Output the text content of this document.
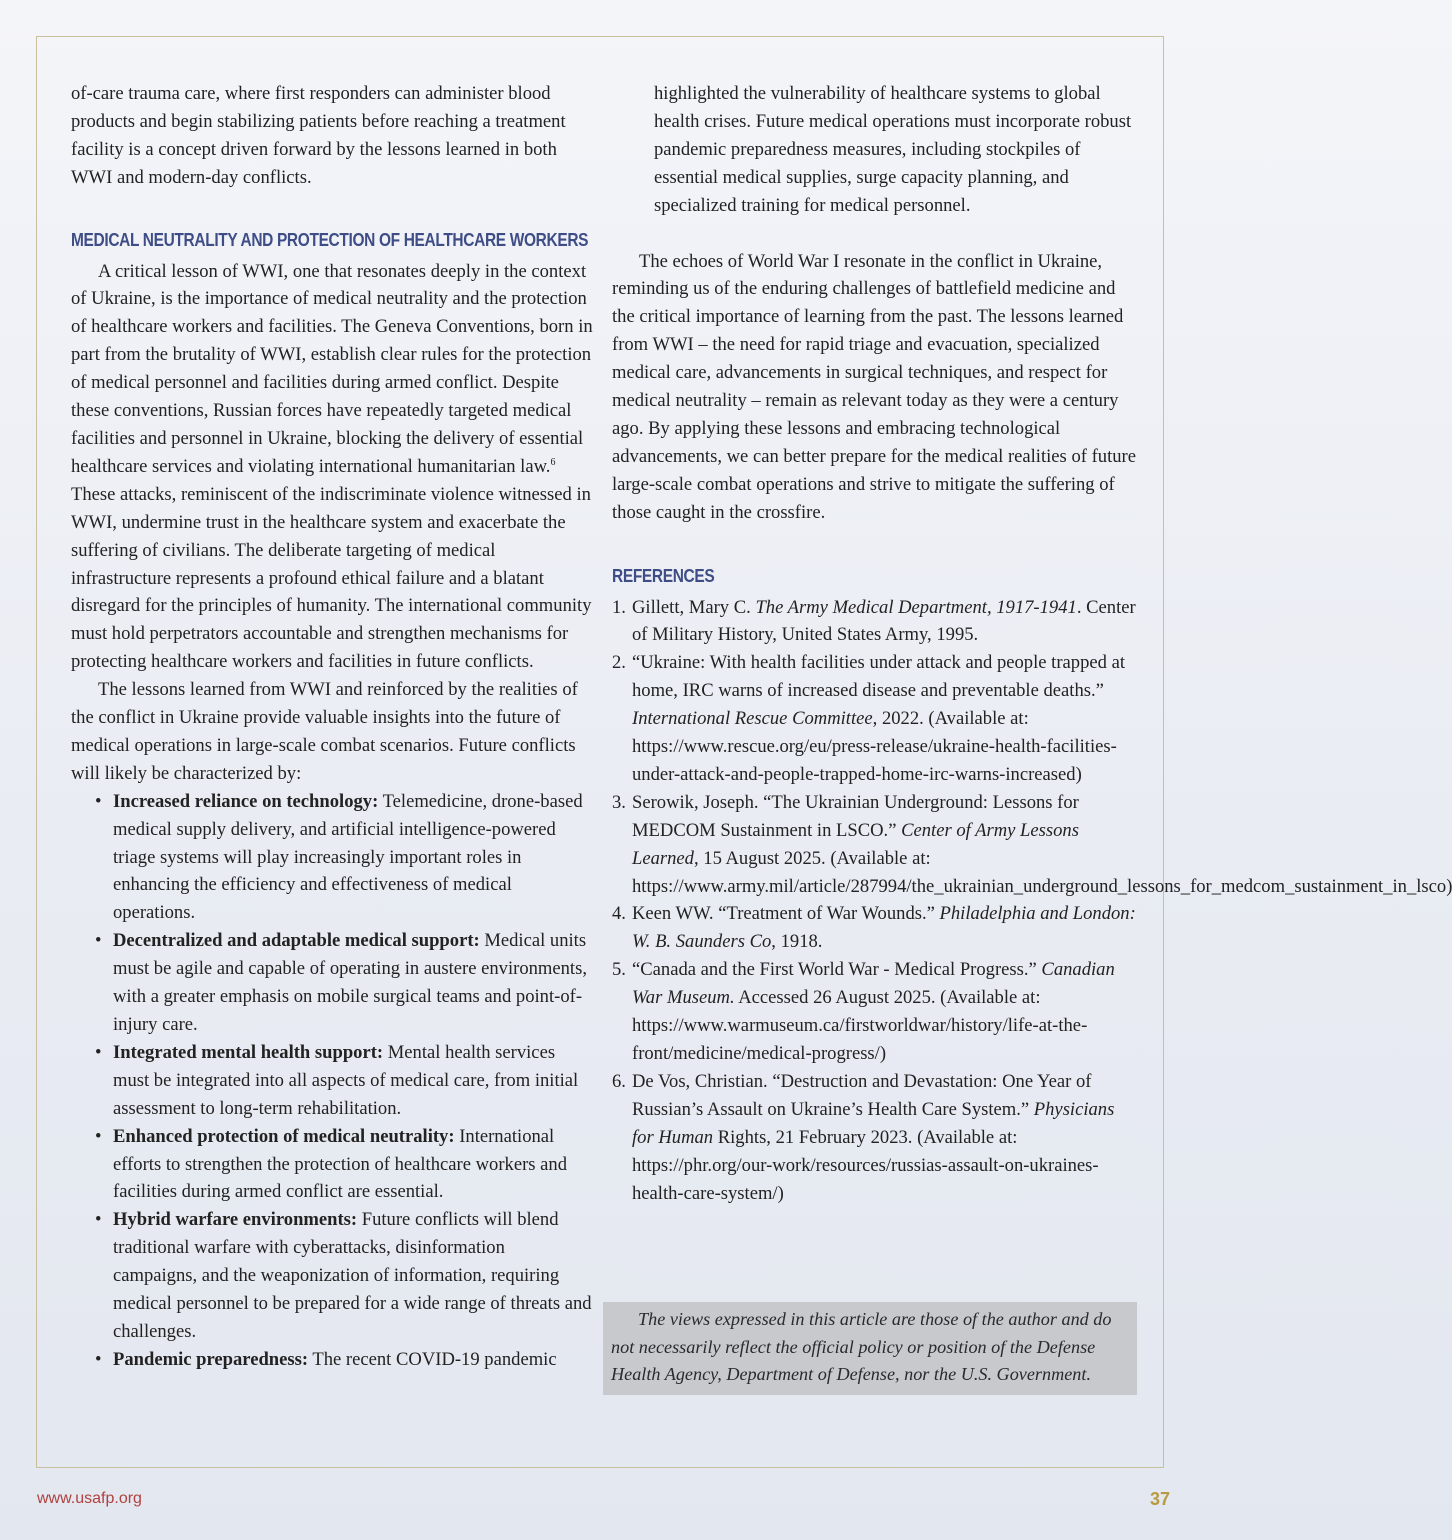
of-care trauma care, where first responders can administer blood products and begin stabilizing patients before reaching a treatment facility is a concept driven forward by the lessons learned in both WWI and modern-day conflicts.

MEDICAL NEUTRALITY AND PROTECTION OF HEALTHCARE WORKERS

A critical lesson of WWI, one that resonates deeply in the context of Ukraine, is the importance of medical neutrality and the protection of healthcare workers and facilities. The Geneva Conventions, born in part from the brutality of WWI, establish clear rules for the protection of medical personnel and facilities during armed conflict. Despite these conventions, Russian forces have repeatedly targeted medical facilities and personnel in Ukraine, blocking the delivery of essential healthcare services and violating international humanitarian law.$^6$ These attacks, reminiscent of the indiscriminate violence witnessed in WWI, undermine trust in the healthcare system and exacerbate the suffering of civilians. The deliberate targeting of medical infrastructure represents a profound ethical failure and a blatant disregard for the principles of humanity. The international community must hold perpetrators accountable and strengthen mechanisms for protecting healthcare workers and facilities in future conflicts.

The lessons learned from WWI and reinforced by the realities of the conflict in Ukraine provide valuable insights into the future of medical operations in large-scale combat scenarios. Future conflicts will likely be characterized by:

• Increased reliance on technology: Telemedicine, drone-based medical supply delivery, and artificial intelligence-powered triage systems will play increasingly important roles in enhancing the efficiency and effectiveness of medical operations.
• Decentralized and adaptable medical support: Medical units must be agile and capable of operating in austere environments, with a greater emphasis on mobile surgical teams and point-of-injury care.
• Integrated mental health support: Mental health services must be integrated into all aspects of medical care, from initial assessment to long-term rehabilitation.
• Enhanced protection of medical neutrality: International efforts to strengthen the protection of healthcare workers and facilities during armed conflict are essential.
• Hybrid warfare environments: Future conflicts will blend traditional warfare with cyberattacks, disinformation campaigns, and the weaponization of information, requiring medical personnel to be prepared for a wide range of threats and challenges.
• Pandemic preparedness: The recent COVID-19 pandemic

highlighted the vulnerability of healthcare systems to global health crises. Future medical operations must incorporate robust pandemic preparedness measures, including stockpiles of essential medical supplies, surge capacity planning, and specialized training for medical personnel.

The echoes of World War I resonate in the conflict in Ukraine, reminding us of the enduring challenges of battlefield medicine and the critical importance of learning from the past. The lessons learned from WWI – the need for rapid triage and evacuation, specialized medical care, advancements in surgical techniques, and respect for medical neutrality – remain as relevant today as they were a century ago. By applying these lessons and embracing technological advancements, we can better prepare for the medical realities of future large-scale combat operations and strive to mitigate the suffering of those caught in the crossfire.

REFERENCES
1. Gillett, Mary C. The Army Medical Department, 1917-1941. Center of Military History, United States Army, 1995.
2. “Ukraine: With health facilities under attack and people trapped at home, IRC warns of increased disease and preventable deaths.” International Rescue Committee, 2022. (Available at: https://www.rescue.org/eu/press-release/ukraine-health-facilities-under-attack-and-people-trapped-home-irc-warns-increased)
3. Serowik, Joseph. “The Ukrainian Underground: Lessons for MEDCOM Sustainment in LSCO.” Center of Army Lessons Learned, 15 August 2025. (Available at: https://www.army.mil/article/287994/the_ukrainian_underground_lessons_for_medcom_sustainment_in_lsco)
4. Keen WW. “Treatment of War Wounds.” Philadelphia and London: W. B. Saunders Co, 1918.
5. “Canada and the First World War - Medical Progress.” Canadian War Museum. Accessed 26 August 2025. (Available at: https://www.warmuseum.ca/firstworldwar/history/life-at-the-front/medicine/medical-progress/)
6. De Vos, Christian. “Destruction and Devastation: One Year of Russian’s Assault on Ukraine’s Health Care System.” Physicians for Human Rights, 21 February 2023. (Available at: https://phr.org/our-work/resources/russias-assault-on-ukraines-health-care-system/)

The views expressed in this article are those of the author and do not necessarily reflect the official policy or position of the Defense Health Agency, Department of Defense, nor the U.S. Government.

www.usafp.org	37
